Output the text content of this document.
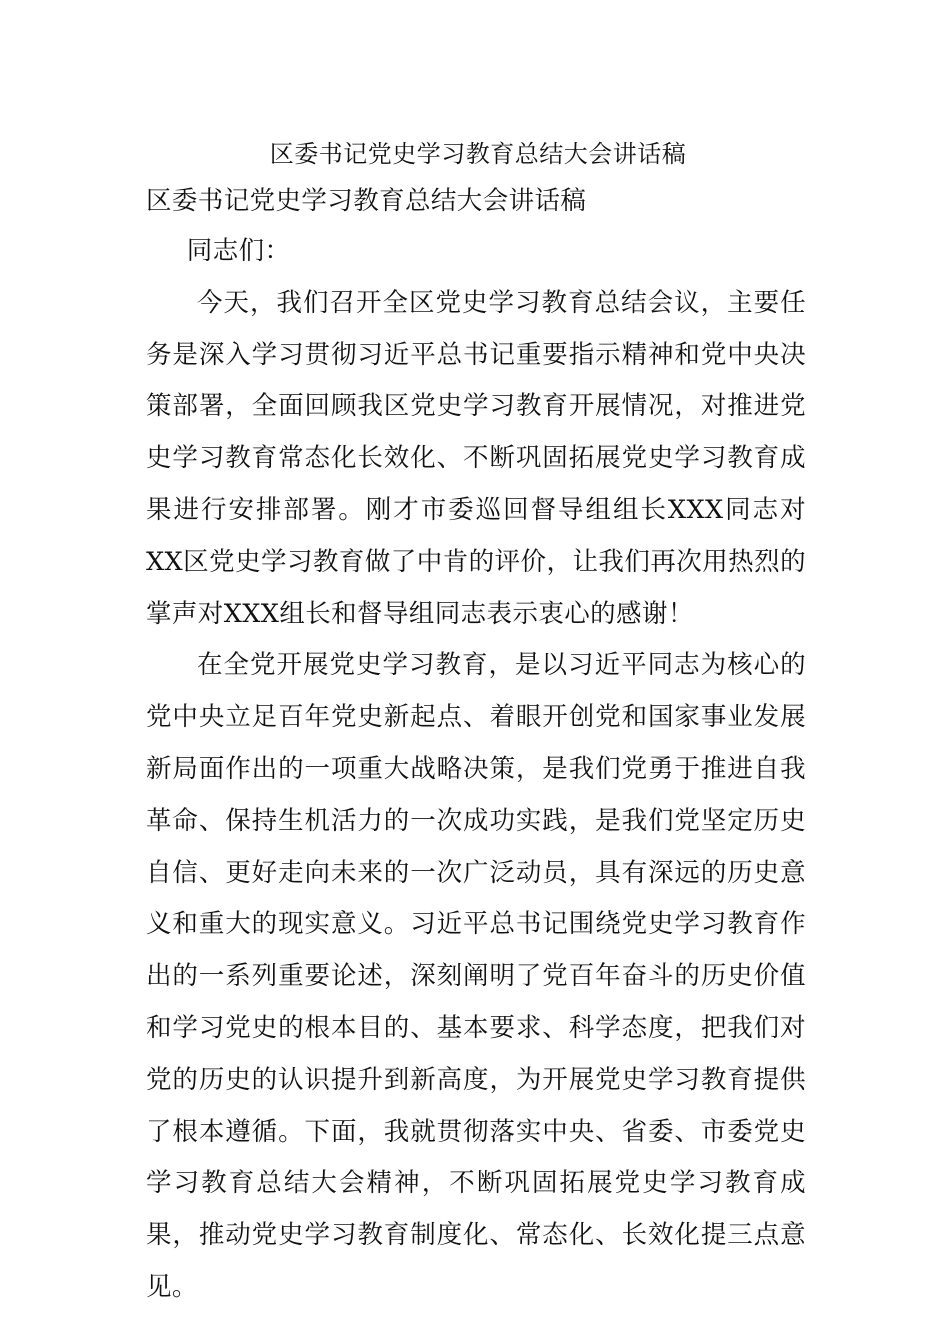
区委书记党史学习教育总结大会讲话稿
区委书记党史学习教育总结大会讲话稿

同志们：

今天，我们召开全区党史学习教育总结会议，主要任务是深入学习贯彻习近平总书记重要指示精神和党中央决策部署，全面回顾我区党史学习教育开展情况，对推进党史学习教育常态化长效化、不断巩固拓展党史学习教育成果进行安排部署。刚才市委巡回督导组组长XXX同志对XX区党史学习教育做了中肯的评价，让我们再次用热烈的掌声对XXX组长和督导组同志表示衷心的感谢！

在全党开展党史学习教育，是以习近平同志为核心的党中央立足百年党史新起点、着眼开创党和国家事业发展新局面作出的一项重大战略决策，是我们党勇于推进自我革命、保持生机活力的一次成功实践，是我们党坚定历史自信、更好走向未来的一次广泛动员，具有深远的历史意义和重大的现实意义。习近平总书记围绕党史学习教育作出的一系列重要论述，深刻阐明了党百年奋斗的历史价值和学习党史的根本目的、基本要求、科学态度，把我们对党的历史的认识提升到新高度，为开展党史学习教育提供了根本遵循。下面，我就贯彻落实中央、省委、市委党史学习教育总结大会精神，不断巩固拓展党史学习教育成果，推动党史学习教育制度化、常态化、长效化提三点意见。
